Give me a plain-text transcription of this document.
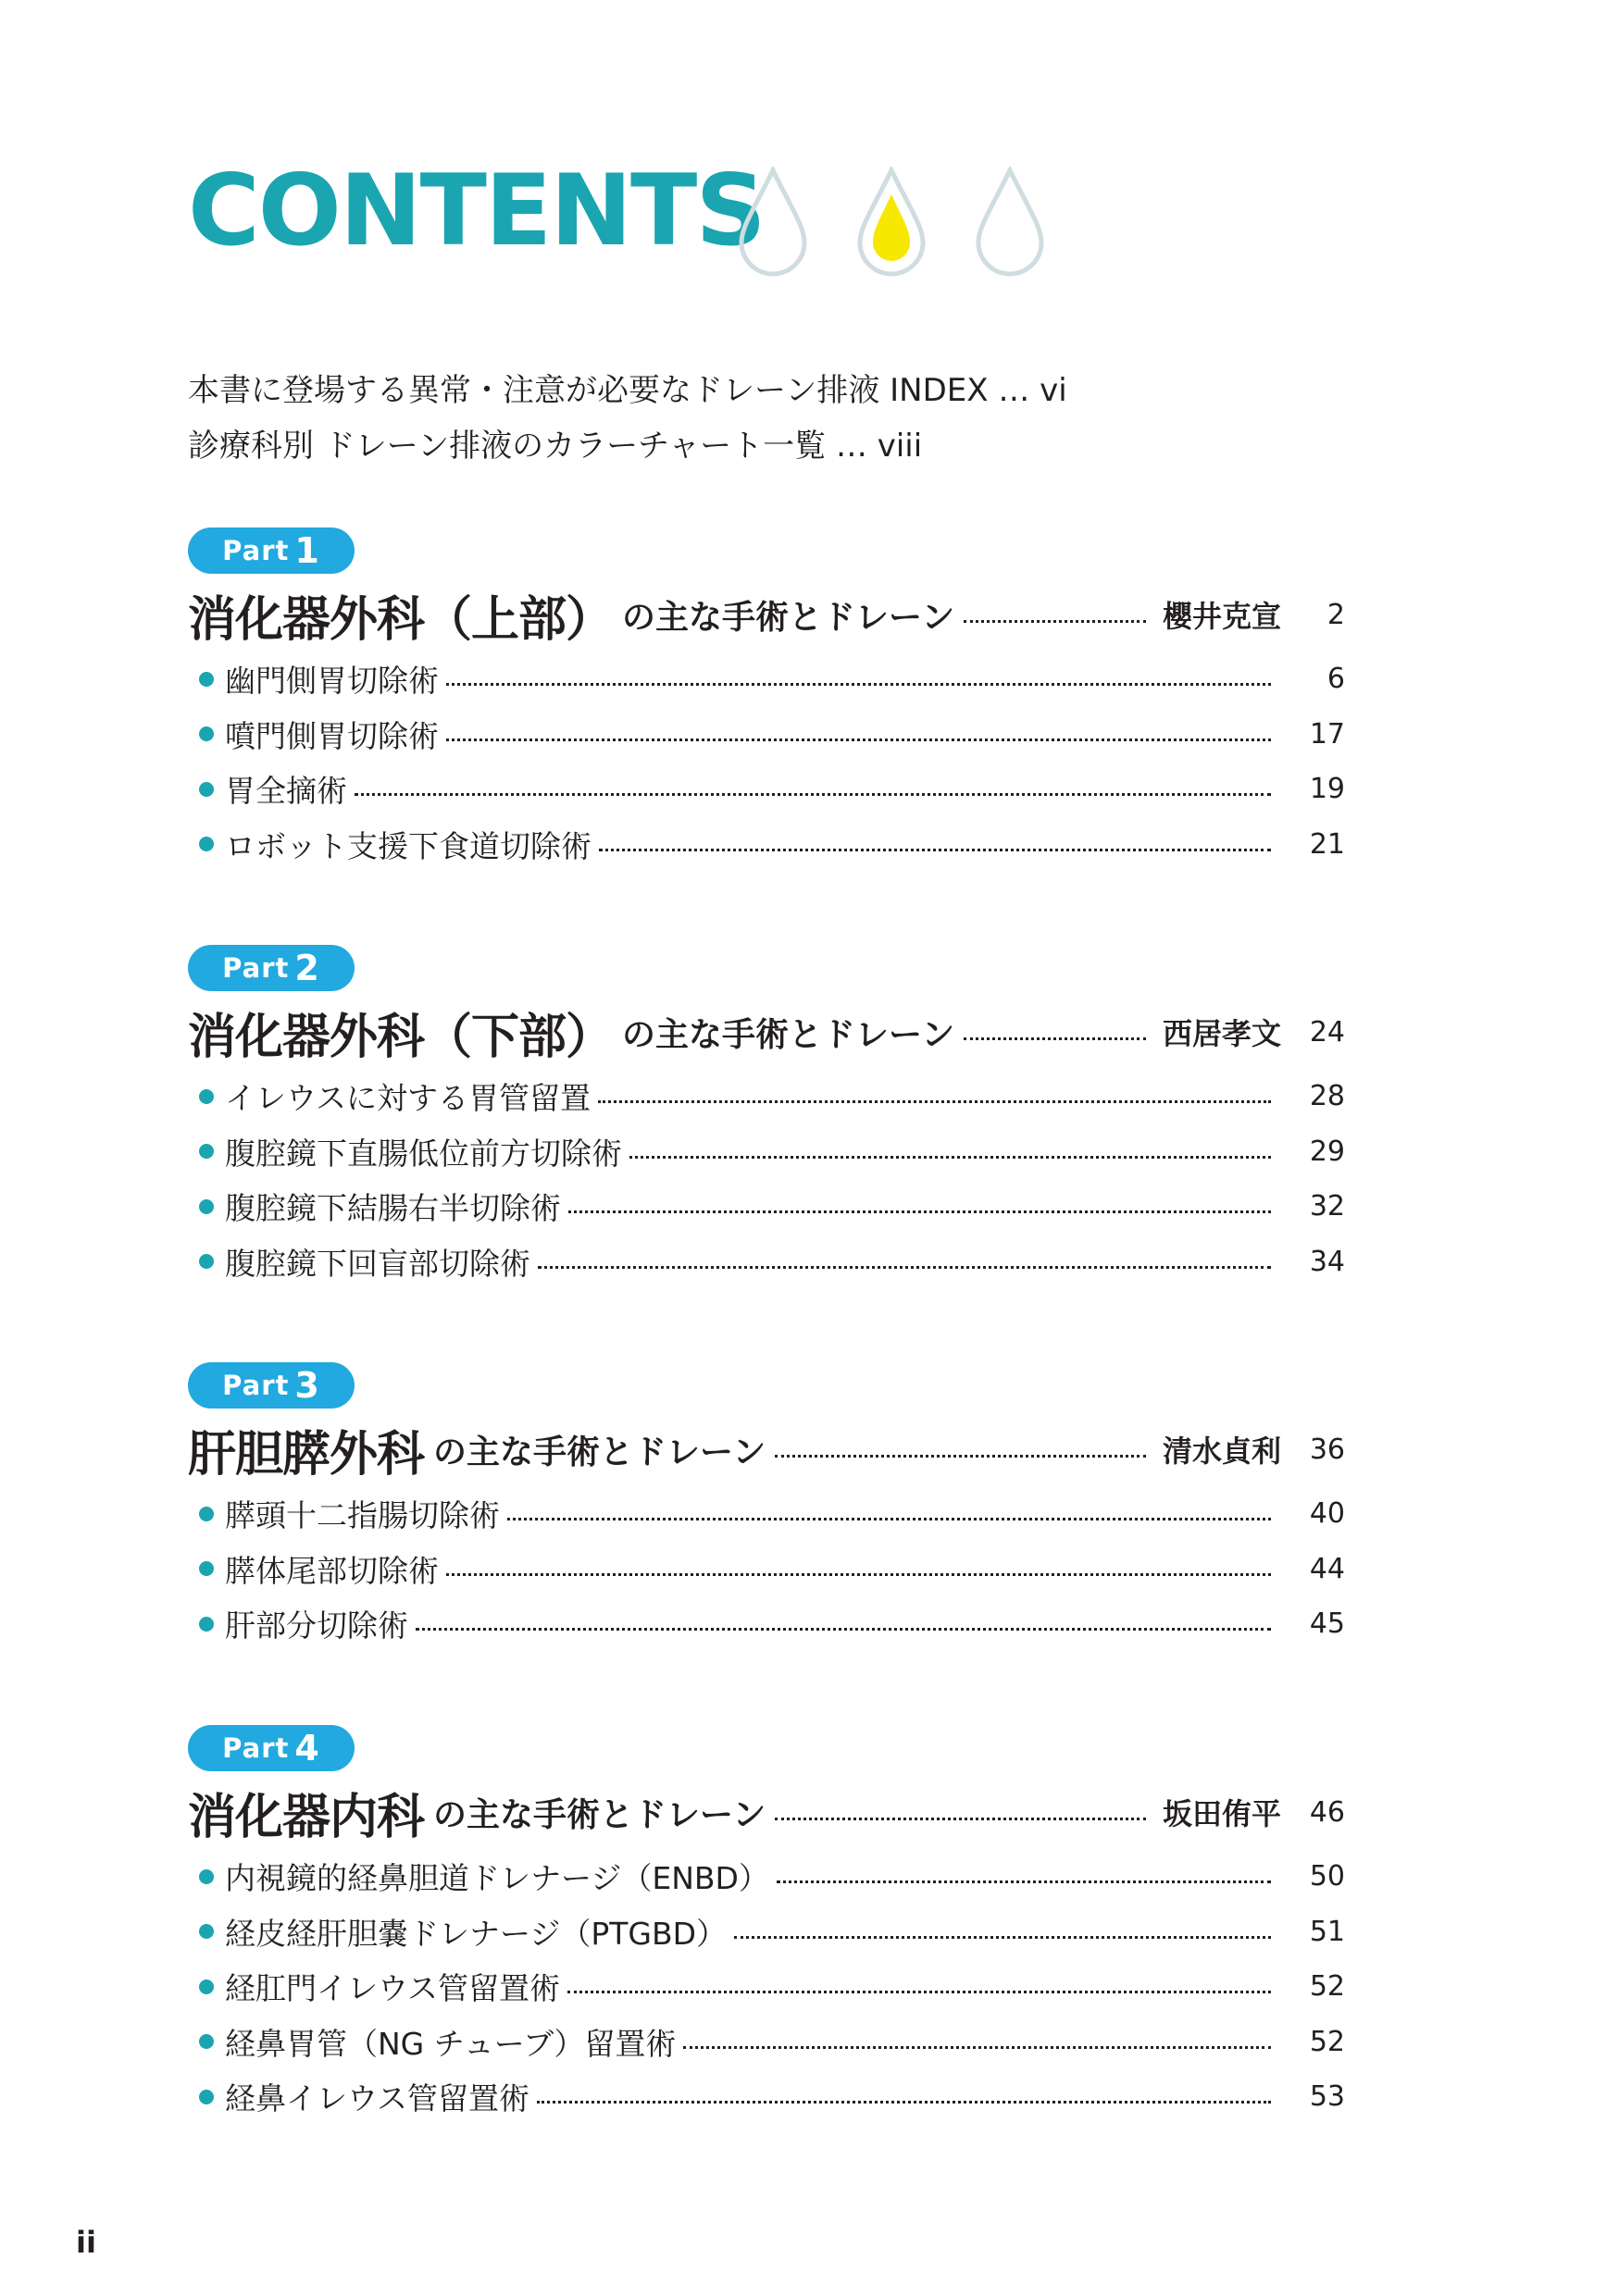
CONTENTS
本書に登場する異常・注意が必要なドレーン排液 INDEX … vi
診療科別 ドレーン排液のカラーチャート一覧 … viii
Part 1
消化器外科（上部） の主な手術とドレーン	櫻井克宣	2
幽門側胃切除術	6
噴門側胃切除術	17
胃全摘術	19
ロボット支援下食道切除術	21
Part 2
消化器外科（下部） の主な手術とドレーン	西居孝文	24
イレウスに対する胃管留置	28
腹腔鏡下直腸低位前方切除術	29
腹腔鏡下結腸右半切除術	32
腹腔鏡下回盲部切除術	34
Part 3
肝胆膵外科 の主な手術とドレーン	清水貞利	36
膵頭十二指腸切除術	40
膵体尾部切除術	44
肝部分切除術	45
Part 4
消化器内科 の主な手術とドレーン	坂田侑平	46
内視鏡的経鼻胆道ドレナージ（ENBD）	50
経皮経肝胆嚢ドレナージ（PTGBD）	51
経肛門イレウス管留置術	52
経鼻胃管（NG チューブ）留置術	52
経鼻イレウス管留置術	53
ii
